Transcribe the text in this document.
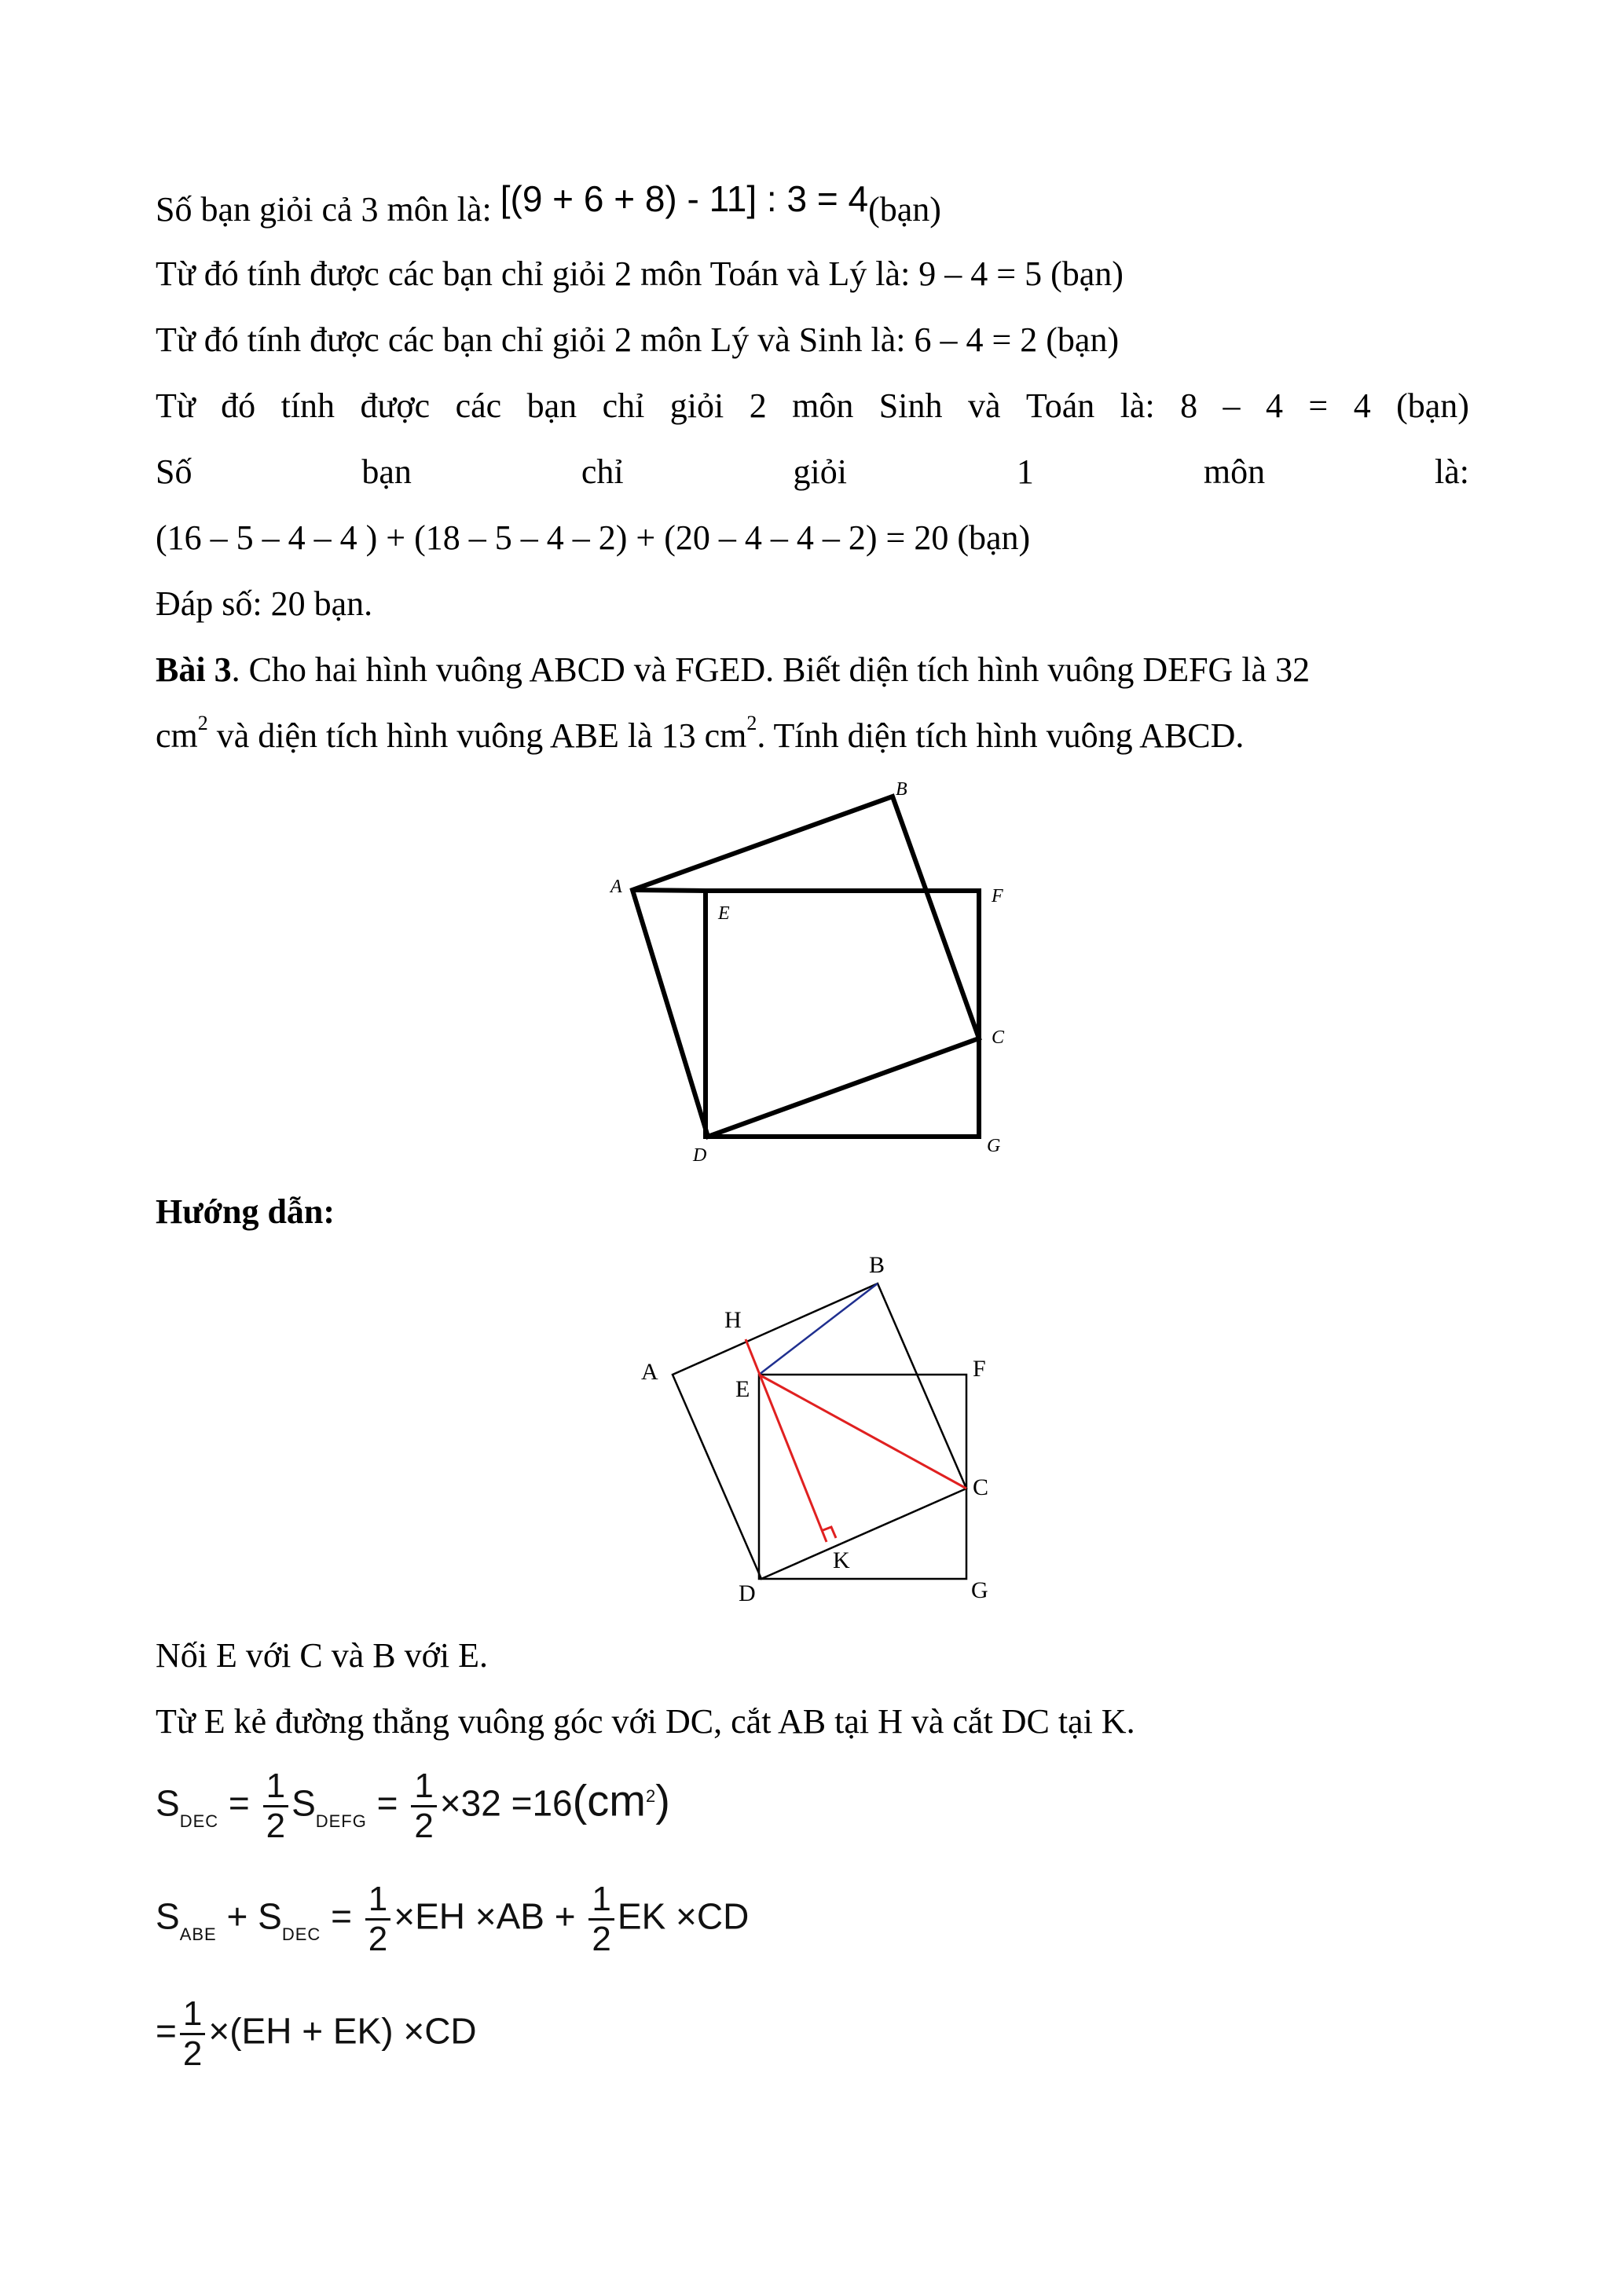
Số bạn giỏi cả 3 môn là: [(9 + 6 + 8) - 11] : 3 = 4(bạn)
Từ đó tính được các bạn chỉ giỏi 2 môn Toán và Lý là: 9 – 4 = 5 (bạn)
Từ đó tính được các bạn chỉ giỏi 2 môn Lý và Sinh là: 6 – 4 = 2 (bạn)
Từ đó tính được các bạn chỉ giỏi 2 môn Sinh và Toán là: 8 – 4 = 4 (bạn)
Số	bạn	chỉ	giỏi	1	môn	là:
(16 – 5 – 4 – 4 ) + (18 – 5 – 4 – 2) + (20 – 4 – 4 – 2) = 20 (bạn)
Đáp số: 20 bạn.
Bài 3. Cho hai hình vuông ABCD và FGED. Biết diện tích hình vuông DEFG là 32
$cm^2$ và diện tích hình vuông ABE là 13 $cm^2$. Tính diện tích hình vuông ABCD.
A
B
C
D
E
F
G
Hướng dẫn:
A
B
C
D
E
F
G
H
K
Nối E với C và B với E.
Từ E kẻ đường thẳng vuông góc với DC, cắt AB tại H và cắt DC tại K.
$S_{DEC} = \frac{1}{2} S_{DEFG} = \frac{1}{2} \times 32 =16(cm^2)$
$S_{ABE} + S_{DEC} = \frac{1}{2} \times EH \times AB + \frac{1}{2}$ EK ×CD
= $\frac{1}{2} \times(EH + EK) \times CD$
